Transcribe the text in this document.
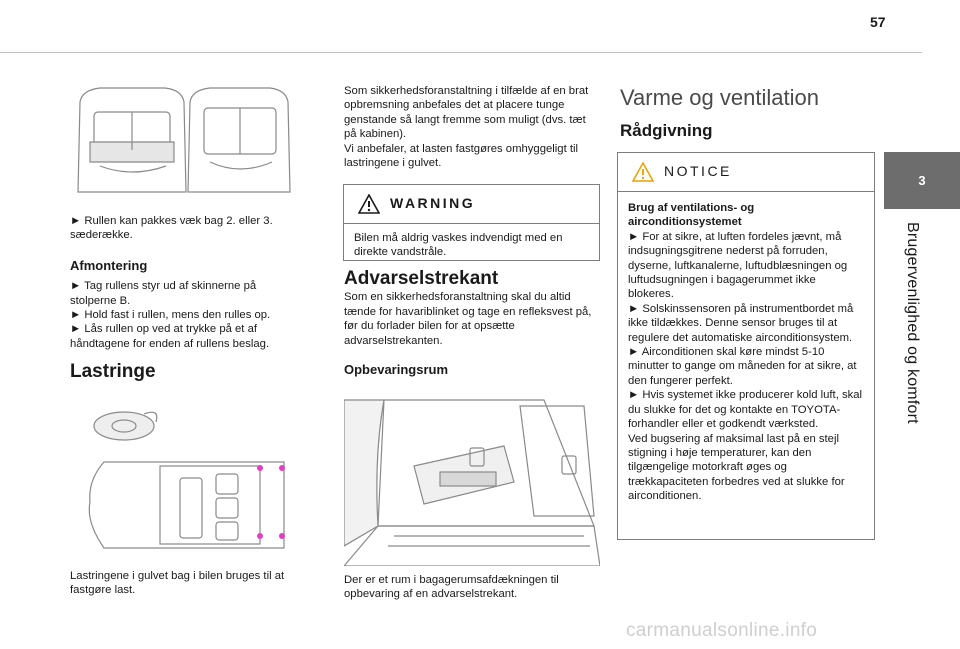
57
3
Brugervenlighed og komfort

► Rullen kan pakkes væk bag 2. eller 3. sæderække.

Afmontering

► Tag rullens styr ud af skinnerne på stolperne B.

► Hold fast i rullen, mens den rulles op.

► Lås rullen op ved at trykke på et af håndtagene for enden af rullens beslag.

Lastringe
Lastringene i gulvet bag i bilen bruges til at fastgøre last.

Som sikkerhedsforanstaltning i tilfælde af en brat opbremsning anbefales det at placere tunge genstande så langt fremme som muligt (dvs. tæt på kabinen).

Vi anbefaler, at lasten fastgøres omhyggeligt til lastringene i gulvet.

WARNING
Bilen må aldrig vaskes indvendigt med en direkte vandstråle.
Advarselstrekant

Som en sikkerhedsforanstaltning skal du altid tænde for havariblinket og tage en refleksvest på, før du forlader bilen for at opsætte advarselstrekanten.

Opbevaringsrum
Der er et rum i bagagerumsafdækningen til opbevaring af en advarselstrekant.
Varme og ventilation
Rådgivning
NOTICE

Brug af ventilations- og airconditionsystemet

► For at sikre, at luften fordeles jævnt, må indsugningsgitrene nederst på forruden, dyserne, luftkanalerne, luftudblæsningen og luftudsugningen i bagagerummet ikke blokeres.

► Solskinssensoren på instrumentbordet må ikke tildækkes. Denne sensor bruges til at regulere det automatiske airconditionsystem.

► Airconditionen skal køre mindst 5-10 minutter to gange om måneden for at sikre, at den fungerer perfekt.

► Hvis systemet ikke producerer kold luft, skal du slukke for det og kontakte en TOYOTA-forhandler eller et godkendt værksted.

Ved bugsering af maksimal last på en stejl stigning i høje temperaturer, kan den tilgængelige motorkraft øges og trækkapaciteten forbedres ved at slukke for airconditionen.

carmanualsonline.info
